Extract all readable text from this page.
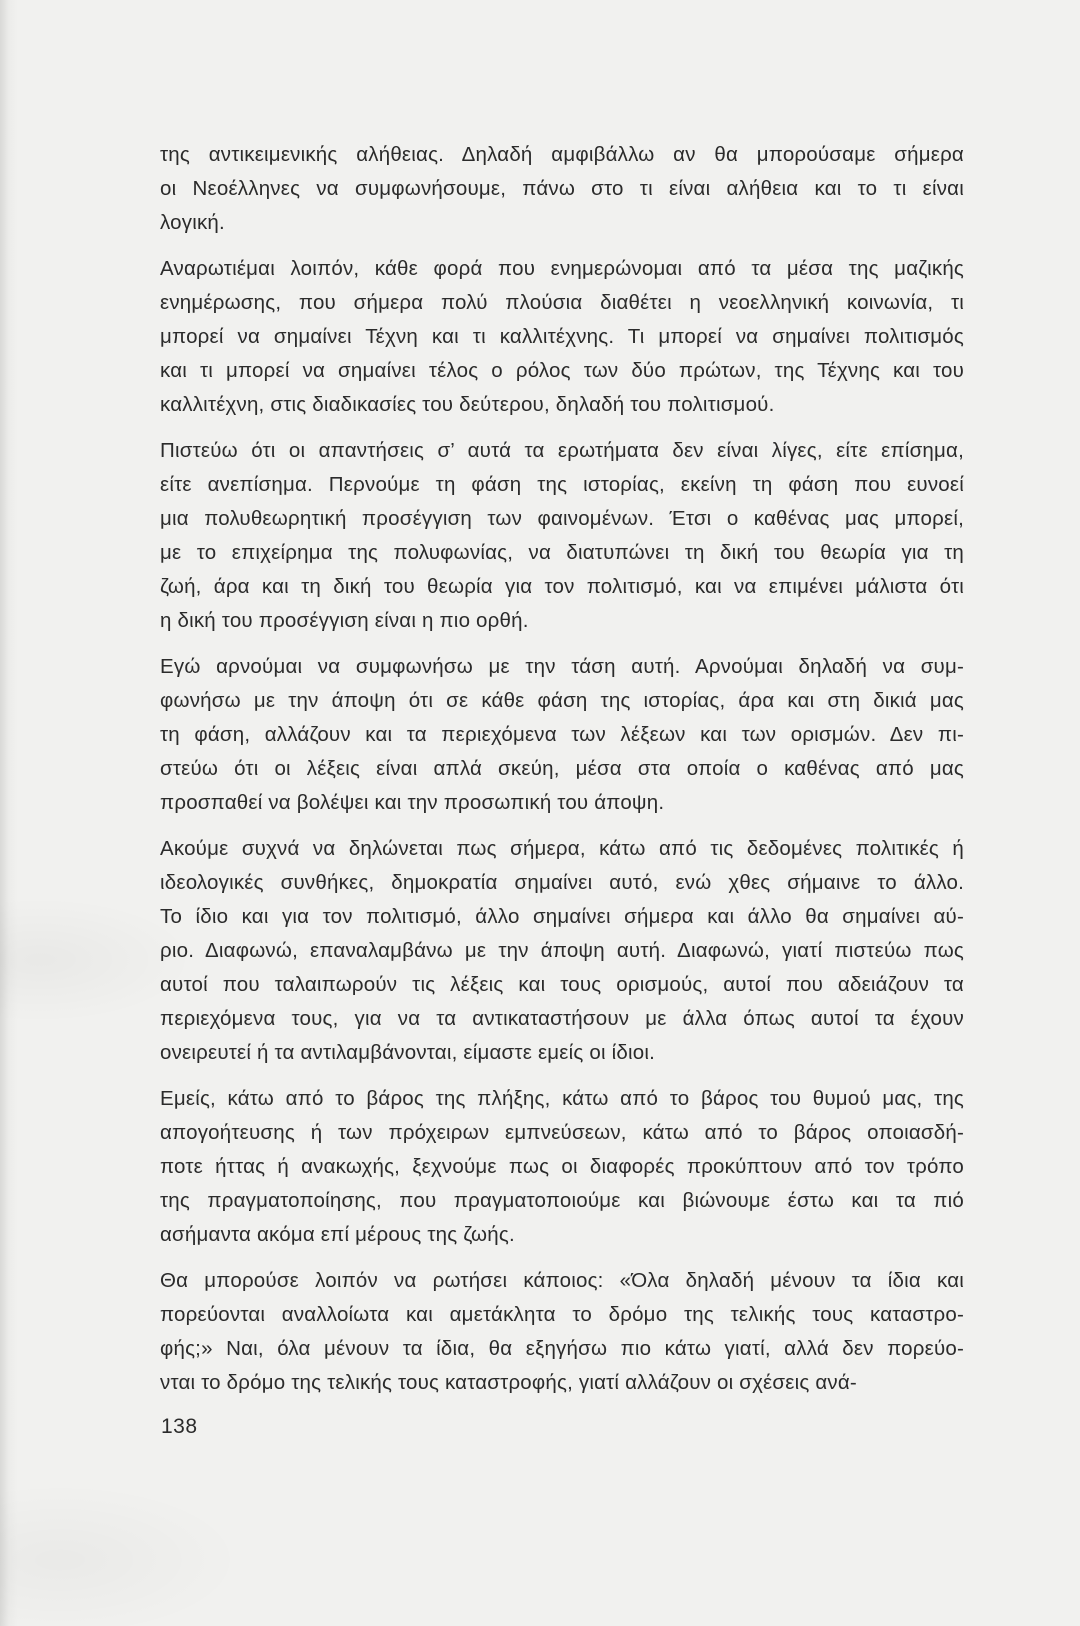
της αντικειμενικής αλήθειας. Δηλαδή αμφιβάλλω αν θα μπορούσαμε σήμερα
οι Νεοέλληνες να συμφωνήσουμε, πάνω στο τι είναι αλήθεια και το τι είναι
λογική.
Αναρωτιέμαι λοιπόν, κάθε φορά που ενημερώνομαι από τα μέσα της μαζικής
ενημέρωσης, που σήμερα πολύ πλούσια διαθέτει η νεοελληνική κοινωνία, τι
μπορεί να σημαίνει Τέχνη και τι καλλιτέχνης. Τι μπορεί να σημαίνει πολιτισμός
και τι μπορεί να σημαίνει τέλος ο ρόλος των δύο πρώτων, της Τέχνης και του
καλλιτέχνη, στις διαδικασίες του δεύτερου, δηλαδή του πολιτισμού.
Πιστεύω ότι οι απαντήσεις σ’ αυτά τα ερωτήματα δεν είναι λίγες, είτε επίσημα,
είτε ανεπίσημα. Περνούμε τη φάση της ιστορίας, εκείνη τη φάση που ευνοεί
μια πολυθεωρητική προσέγγιση των φαινομένων. Έτσι ο καθένας μας μπορεί,
με το επιχείρημα της πολυφωνίας, να διατυπώνει τη δική του θεωρία για τη
ζωή, άρα και τη δική του θεωρία για τον πολιτισμό, και να επιμένει μάλιστα ότι
η δική του προσέγγιση είναι η πιο ορθή.
Εγώ αρνούμαι να συμφωνήσω με την τάση αυτή. Αρνούμαι δηλαδή να συμ-
φωνήσω με την άποψη ότι σε κάθε φάση της ιστορίας, άρα και στη δικιά μας
τη φάση, αλλάζουν και τα περιεχόμενα των λέξεων και των ορισμών. Δεν πι-
στεύω ότι οι λέξεις είναι απλά σκεύη, μέσα στα οποία ο καθένας από μας
προσπαθεί να βολέψει και την προσωπική του άποψη.
Ακούμε συχνά να δηλώνεται πως σήμερα, κάτω από τις δεδομένες πολιτικές ή
ιδεολογικές συνθήκες, δημοκρατία σημαίνει αυτό, ενώ χθες σήμαινε το άλλο.
Το ίδιο και για τον πολιτισμό, άλλο σημαίνει σήμερα και άλλο θα σημαίνει αύ-
ριο. Διαφωνώ, επαναλαμβάνω με την άποψη αυτή. Διαφωνώ, γιατί πιστεύω πως
αυτοί που ταλαιπωρούν τις λέξεις και τους ορισμούς, αυτοί που αδειάζουν τα
περιεχόμενα τους, για να τα αντικαταστήσουν με άλλα όπως αυτοί τα έχουν
ονειρευτεί ή τα αντιλαμβάνονται, είμαστε εμείς οι ίδιοι.
Εμείς, κάτω από το βάρος της πλήξης, κάτω από το βάρος του θυμού μας, της
απογοήτευσης ή των πρόχειρων εμπνεύσεων, κάτω από το βάρος οποιασδή-
ποτε ήττας ή ανακωχής, ξεχνούμε πως οι διαφορές προκύπτουν από τον τρόπο
της πραγματοποίησης, που πραγματοποιούμε και βιώνουμε έστω και τα πιό
ασήμαντα ακόμα επί μέρους της ζωής.
Θα μπορούσε λοιπόν να ρωτήσει κάποιος: «Όλα δηλαδή μένουν τα ίδια και
πορεύονται αναλλοίωτα και αμετάκλητα το δρόμο της τελικής τους καταστρο-
φής;» Ναι, όλα μένουν τα ίδια, θα εξηγήσω πιο κάτω γιατί, αλλά δεν πορεύο-
νται το δρόμο της τελικής τους καταστροφής, γιατί αλλάζουν οι σχέσεις ανά-
138
